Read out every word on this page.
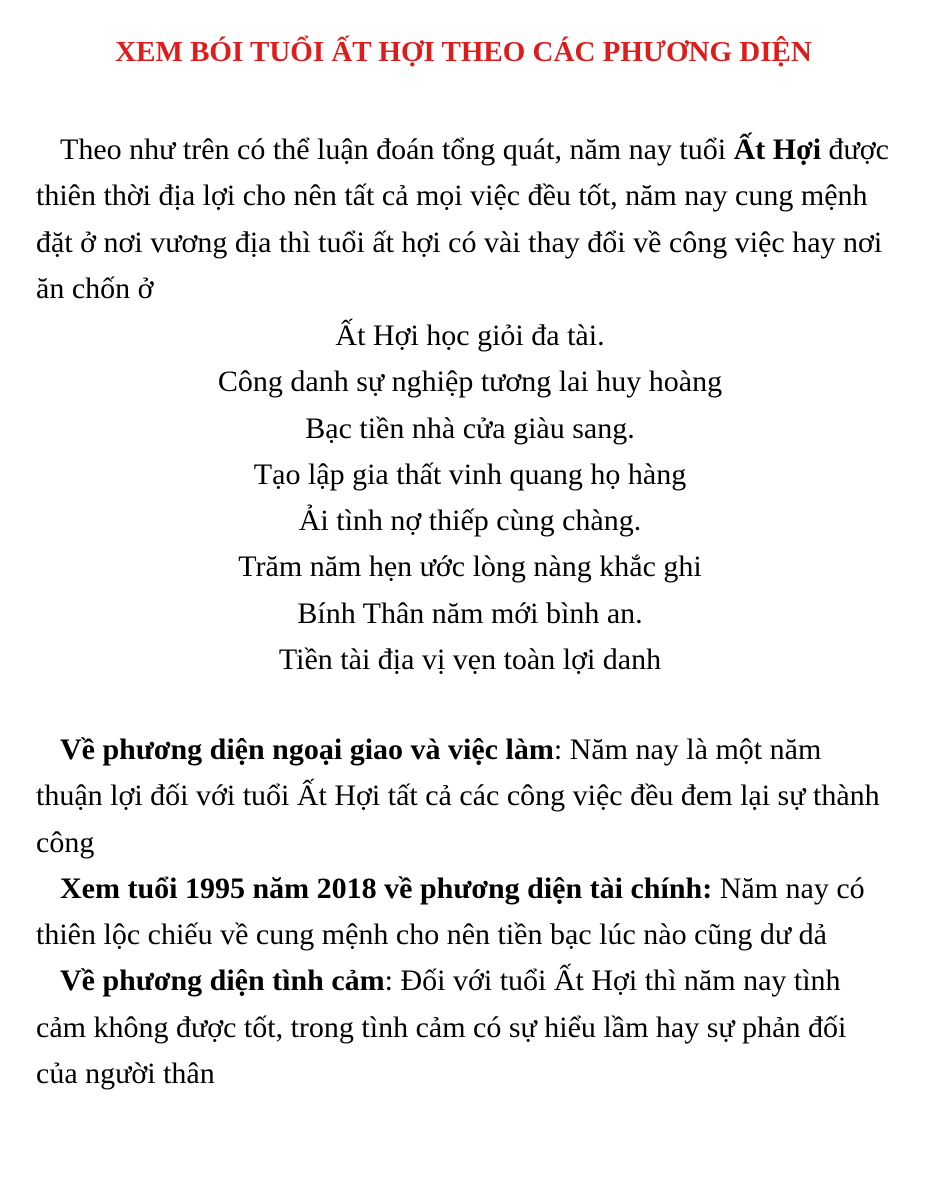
XEM BÓI TUỔI ẤT HỢI THEO CÁC PHƯƠNG DIỆN
Theo như trên có thể luận đoán tổng quát, năm nay tuổi Ất Hợi được thiên thời địa lợi cho nên tất cả mọi việc đều tốt, năm nay cung mệnh đặt ở nơi vương địa thì tuổi ất hợi có vài thay đổi về công việc hay nơi ăn chốn ở
Ất Hợi học giỏi đa tài.
Công danh sự nghiệp tương lai huy hoàng
Bạc tiền nhà cửa giàu sang.
Tạo lập gia thất vinh quang họ hàng
Ải tình nợ thiếp cùng chàng.
Trăm năm hẹn ước lòng nàng khắc ghi
Bính Thân năm mới bình an.
Tiền tài địa vị vẹn toàn lợi danh

Về phương diện ngoại giao và việc làm: Năm nay là một năm thuận lợi đối với tuổi Ất Hợi tất cả các công việc đều đem lại sự thành công

Xem tuổi 1995 năm 2018 về phương diện tài chính: Năm nay có thiên lộc chiếu về cung mệnh cho nên tiền bạc lúc nào cũng dư dả

Về phương diện tình cảm: Đối với tuổi Ất Hợi thì năm nay tình cảm không được tốt, trong tình cảm có sự hiểu lầm hay sự phản đối của người thân
